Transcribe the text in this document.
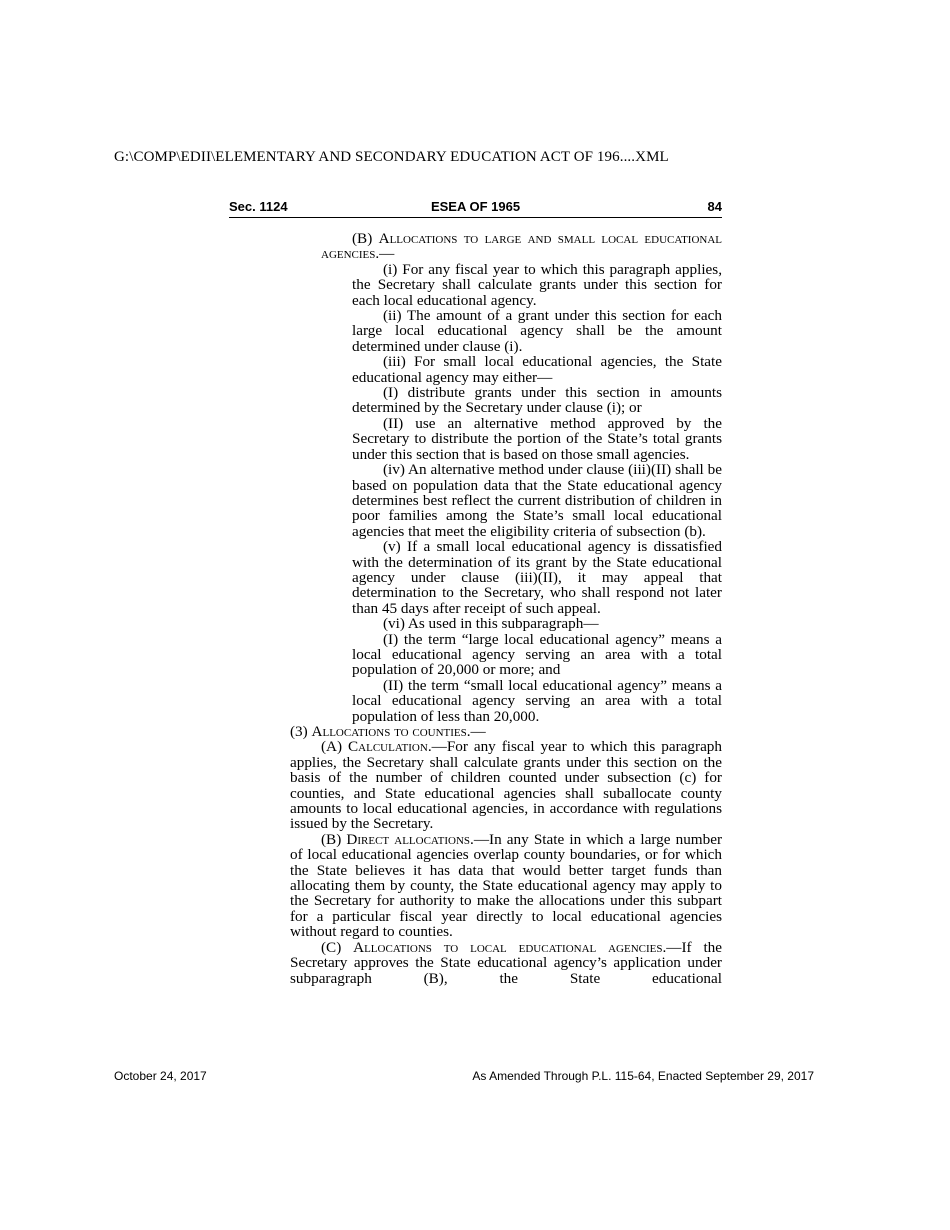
G:\COMP\EDII\ELEMENTARY AND SECONDARY EDUCATION ACT OF 196....XML
Sec. 1124	ESEA OF 1965	84

(B) Allocations to large and small local educational agencies.—

(i) For any fiscal year to which this paragraph applies, the Secretary shall calculate grants under this section for each local educational agency.

(ii) The amount of a grant under this section for each large local educational agency shall be the amount determined under clause (i).

(iii) For small local educational agencies, the State educational agency may either—

(I) distribute grants under this section in amounts determined by the Secretary under clause (i); or

(II) use an alternative method approved by the Secretary to distribute the portion of the State’s total grants under this section that is based on those small agencies.

(iv) An alternative method under clause (iii)(II) shall be based on population data that the State educational agency determines best reflect the current distribution of children in poor families among the State’s small local educational agencies that meet the eligibility criteria of subsection (b).

(v) If a small local educational agency is dissatisfied with the determination of its grant by the State educational agency under clause (iii)(II), it may appeal that determination to the Secretary, who shall respond not later than 45 days after receipt of such appeal.

(vi) As used in this subparagraph—

(I) the term “large local educational agency” means a local educational agency serving an area with a total population of 20,000 or more; and

(II) the term “small local educational agency” means a local educational agency serving an area with a total population of less than 20,000.

(3) Allocations to counties.—

(A) Calculation.—For any fiscal year to which this paragraph applies, the Secretary shall calculate grants under this section on the basis of the number of children counted under subsection (c) for counties, and State educational agencies shall suballocate county amounts to local educational agencies, in accordance with regulations issued by the Secretary.

(B) Direct allocations.—In any State in which a large number of local educational agencies overlap county boundaries, or for which the State believes it has data that would better target funds than allocating them by county, the State educational agency may apply to the Secretary for authority to make the allocations under this subpart for a particular fiscal year directly to local educational agencies without regard to counties.

(C) Allocations to local educational agencies.—If the Secretary approves the State educational agency’s application under subparagraph (B), the State educational

October 24, 2017	As Amended Through P.L. 115-64, Enacted September 29, 2017
